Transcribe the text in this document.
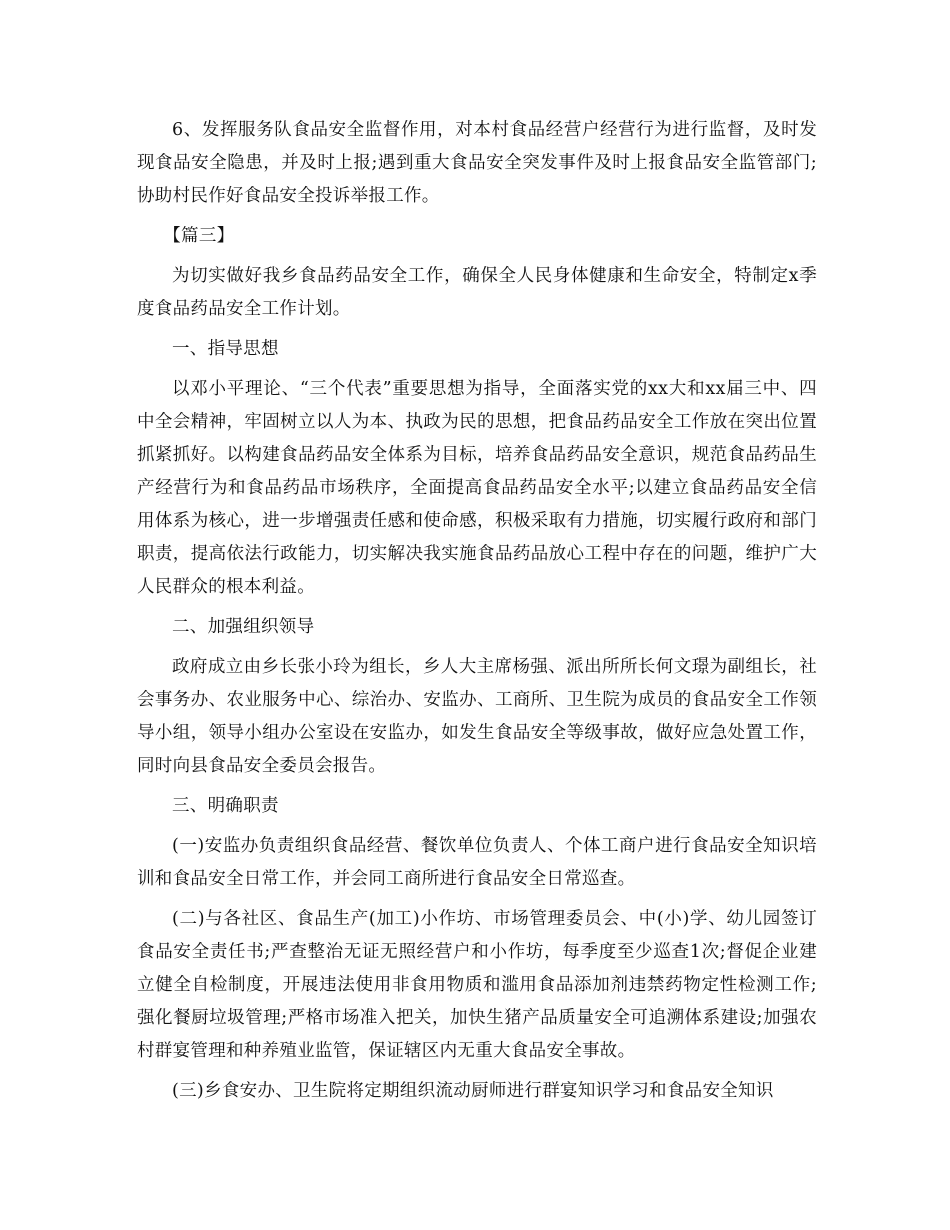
6、发挥服务队食品安全监督作用，对本村食品经营户经营行为进行监督，及时发现食品安全隐患，并及时上报;遇到重大食品安全突发事件及时上报食品安全监管部门;协助村民作好食品安全投诉举报工作。

【篇三】

为切实做好我乡食品药品安全工作，确保全人民身体健康和生命安全，特制定x季度食品药品安全工作计划。

一、指导思想

以邓小平理论、“三个代表”重要思想为指导，全面落实党的xx大和xx届三中、四中全会精神，牢固树立以人为本、执政为民的思想，把食品药品安全工作放在突出位置抓紧抓好。以构建食品药品安全体系为目标，培养食品药品安全意识，规范食品药品生产经营行为和食品药品市场秩序，全面提高食品药品安全水平;以建立食品药品安全信用体系为核心，进一步增强责任感和使命感，积极采取有力措施，切实履行政府和部门职责，提高依法行政能力，切实解决我实施食品药品放心工程中存在的问题，维护广大人民群众的根本利益。

二、加强组织领导

政府成立由乡长张小玲为组长，乡人大主席杨强、派出所所长何文璟为副组长，社会事务办、农业服务中心、综治办、安监办、工商所、卫生院为成员的食品安全工作领导小组，领导小组办公室设在安监办，如发生食品安全等级事故，做好应急处置工作，同时向县食品安全委员会报告。

三、明确职责

(一)安监办负责组织食品经营、餐饮单位负责人、个体工商户进行食品安全知识培训和食品安全日常工作，并会同工商所进行食品安全日常巡查。

(二)与各社区、食品生产(加工)小作坊、市场管理委员会、中(小)学、幼儿园签订食品安全责任书;严查整治无证无照经营户和小作坊，每季度至少巡查1次;督促企业建立健全自检制度，开展违法使用非食用物质和滥用食品添加剂违禁药物定性检测工作;强化餐厨垃圾管理;严格市场准入把关，加快生猪产品质量安全可追溯体系建设;加强农村群宴管理和种养殖业监管，保证辖区内无重大食品安全事故。

(三)乡食安办、卫生院将定期组织流动厨师进行群宴知识学习和食品安全知识
